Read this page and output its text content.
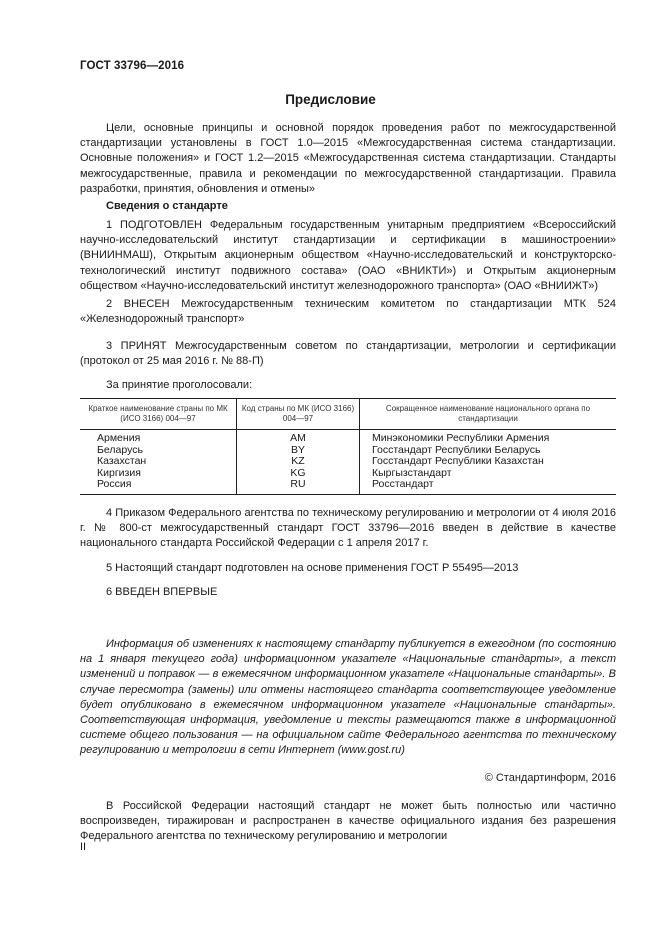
ГОСТ 33796—2016
Предисловие

Цели, основные принципы и основной порядок проведения работ по межгосударственной стандартизации установлены в ГОСТ 1.0—2015 «Межгосударственная система стандартизации. Основные положения» и ГОСТ 1.2—2015 «Межгосударственная система стандартизации. Стандарты межгосударственные, правила и рекомендации по межгосударственной стандартизации. Правила разработки, принятия, обновления и отмены»

Сведения о стандарте

1 ПОДГОТОВЛЕН Федеральным государственным унитарным предприятием «Всероссийский научно-исследовательский институт стандартизации и сертификации в машиностроении» (ВНИИНМАШ), Открытым акционерным обществом «Научно-исследовательский и конструкторско-технологический институт подвижного состава» (ОАО «ВНИКТИ») и Открытым акционерным обществом «Научно-исследовательский институт железнодорожного транспорта» (ОАО «ВНИИЖТ»)

2 ВНЕСЕН Межгосударственным техническим комитетом по стандартизации МТК 524 «Железнодорожный транспорт»

3 ПРИНЯТ Межгосударственным советом по стандартизации, метрологии и сертификации (протокол от 25 мая 2016 г. № 88-П)

За принятие проголосовали:

Краткое наименование страны по МК (ИСО 3166) 004—97	Код страны по МК (ИСО 3166) 004—97	Сокращенное наименование национального органа по стандартизации
Армения	AM	Минэкономики Республики Армения
Беларусь	BY	Госстандарт Республики Беларусь
Казахстан	KZ	Госстандарт Республики Казахстан
Киргизия	KG	Кыргызстандарт
Россия	RU	Росстандарт

4 Приказом Федерального агентства по техническому регулированию и метрологии от 4 июля 2016 г. № 800-ст межгосударственный стандарт ГОСТ 33796—2016 введен в действие в качестве национального стандарта Российской Федерации с 1 апреля 2017 г.

5 Настоящий стандарт подготовлен на основе применения ГОСТ Р 55495—2013

6 ВВЕДЕН ВПЕРВЫЕ

Информация об изменениях к настоящему стандарту публикуется в ежегодном (по состоянию на 1 января текущего года) информационном указателе «Национальные стандарты», а текст изменений и поправок — в ежемесячном информационном указателе «Национальные стандарты». В случае пересмотра (замены) или отмены настоящего стандарта соответствующее уведомление будет опубликовано в ежемесячном информационном указателе «Национальные стандарты». Соответствующая информация, уведомление и тексты размещаются также в информационной системе общего пользования — на официальном сайте Федерального агентства по техническому регулированию и метрологии в сети Интернет (www.gost.ru)

© Стандартинформ, 2016

В Российской Федерации настоящий стандарт не может быть полностью или частично воспроизведен, тиражирован и распространен в качестве официального издания без разрешения Федерального агентства по техническому регулированию и метрологии

II
